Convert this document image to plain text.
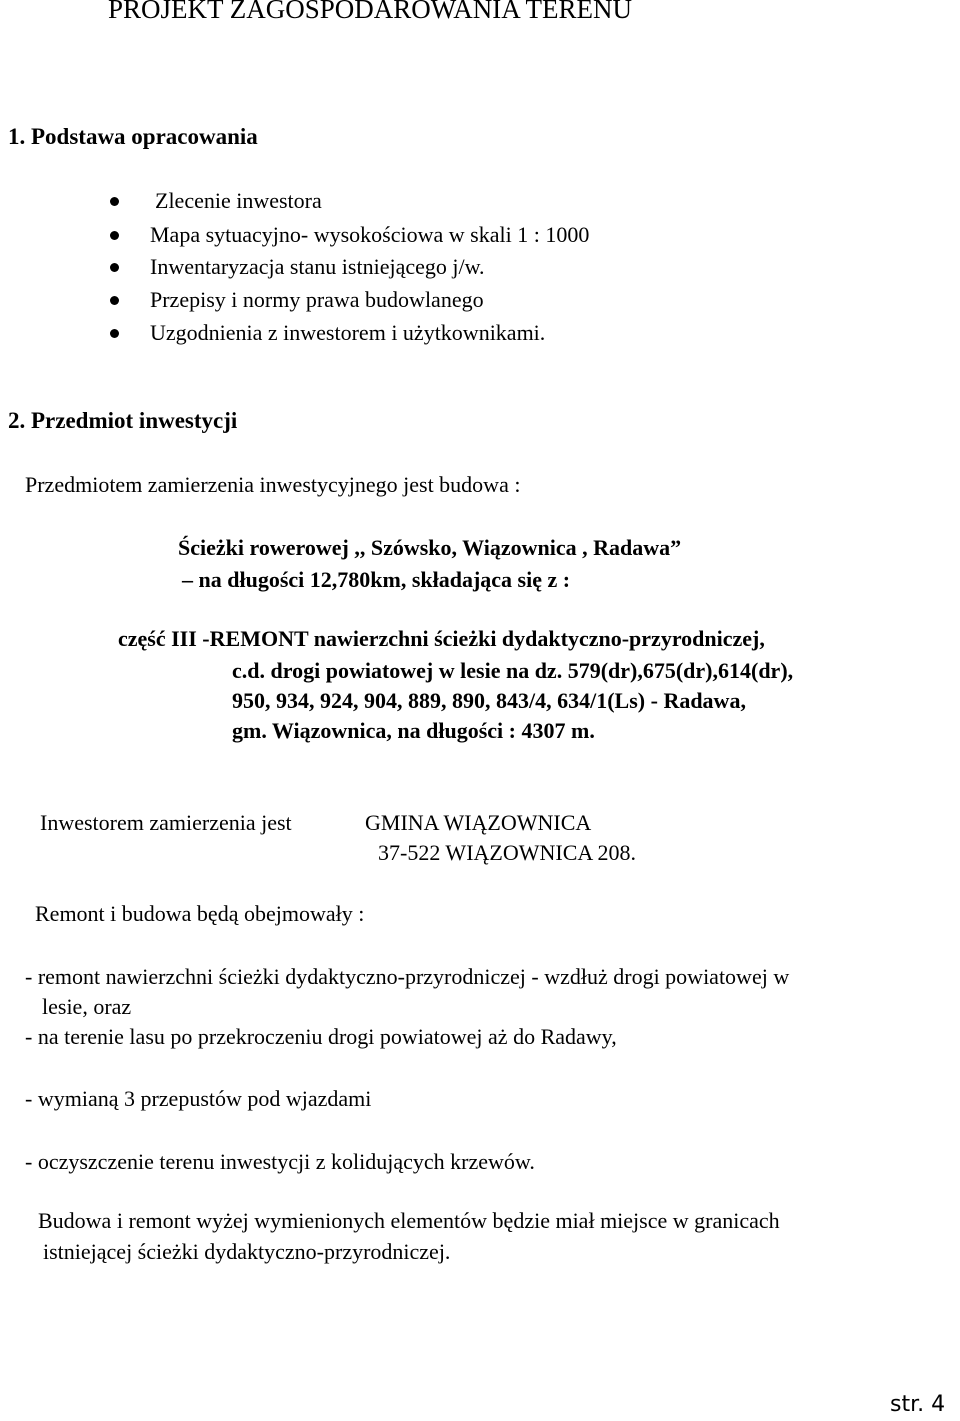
PROJEKT ZAGOSPODAROWANIA TERENU
1. Podstawa opracowania
Zlecenie inwestora
Mapa sytuacyjno- wysokościowa w skali 1 : 1000
Inwentaryzacja stanu istniejącego j/w.
Przepisy i normy prawa budowlanego
Uzgodnienia z inwestorem i użytkownikami.
2. Przedmiot inwestycji
Przedmiotem zamierzenia inwestycyjnego jest budowa :
Ścieżki rowerowej ,, Szówsko, Wiązownica , Radawa”
– na długości 12,780km, składająca się z :
część III -REMONT nawierzchni ścieżki dydaktyczno-przyrodniczej,
c.d. drogi powiatowej w lesie na dz. 579(dr),675(dr),614(dr),
950, 934, 924, 904, 889, 890, 843/4, 634/1(Ls) - Radawa,
gm. Wiązownica, na długości : 4307 m.
Inwestorem zamierzenia jest	GMINA WIĄZOWNICA
37-522 WIĄZOWNICA 208.
Remont i budowa będą obejmowały :
- remont nawierzchni ścieżki dydaktyczno-przyrodniczej - wzdłuż drogi powiatowej w
lesie, oraz
- na terenie lasu po przekroczeniu drogi powiatowej aż do Radawy,
- wymianą 3 przepustów pod wjazdami
- oczyszczenie terenu inwestycji z kolidujących krzewów.
Budowa i remont wyżej wymienionych elementów będzie miał miejsce w granicach
istniejącej ścieżki dydaktyczno-przyrodniczej.
str. 4
